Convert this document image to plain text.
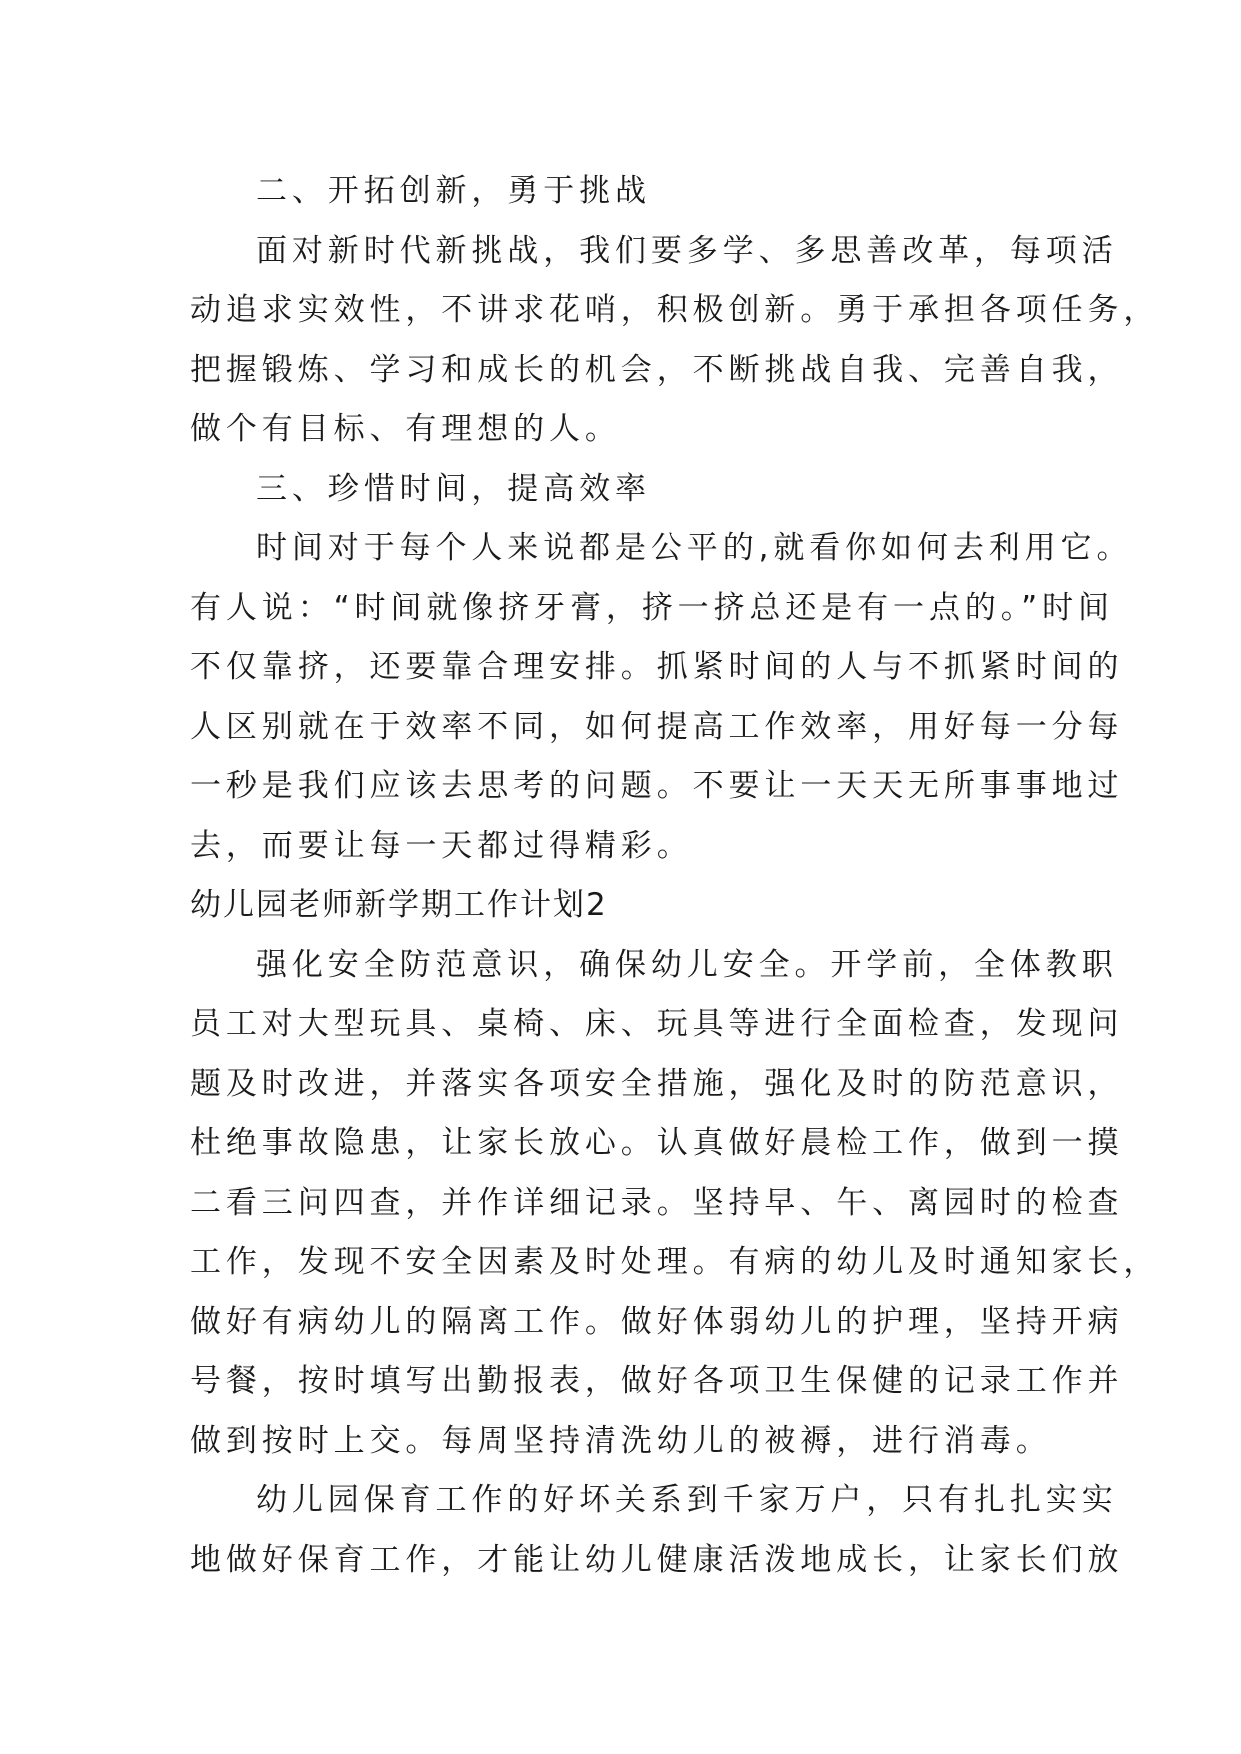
二、开拓创新，勇于挑战
面对新时代新挑战，我们要多学、多思善改革，每项活
动追求实效性，不讲求花哨，积极创新。勇于承担各项任务，
把握锻炼、学习和成长的机会，不断挑战自我、完善自我，
做个有目标、有理想的人。
三、珍惜时间，提高效率
时间对于每个人来说都是公平的,就看你如何去利用它。
有人说：“时间就像挤牙膏，挤一挤总还是有一点的。”时间
不仅靠挤，还要靠合理安排。抓紧时间的人与不抓紧时间的
人区别就在于效率不同，如何提高工作效率，用好每一分每
一秒是我们应该去思考的问题。不要让一天天无所事事地过
去，而要让每一天都过得精彩。
幼儿园老师新学期工作计划2
强化安全防范意识，确保幼儿安全。开学前，全体教职
员工对大型玩具、桌椅、床、玩具等进行全面检查，发现问
题及时改进，并落实各项安全措施，强化及时的防范意识，
杜绝事故隐患，让家长放心。认真做好晨检工作，做到一摸
二看三问四查，并作详细记录。坚持早、午、离园时的检查
工作，发现不安全因素及时处理。有病的幼儿及时通知家长，
做好有病幼儿的隔离工作。做好体弱幼儿的护理，坚持开病
号餐，按时填写出勤报表，做好各项卫生保健的记录工作并
做到按时上交。每周坚持清洗幼儿的被褥，进行消毒。
幼儿园保育工作的好坏关系到千家万户，只有扎扎实实
地做好保育工作，才能让幼儿健康活泼地成长，让家长们放
